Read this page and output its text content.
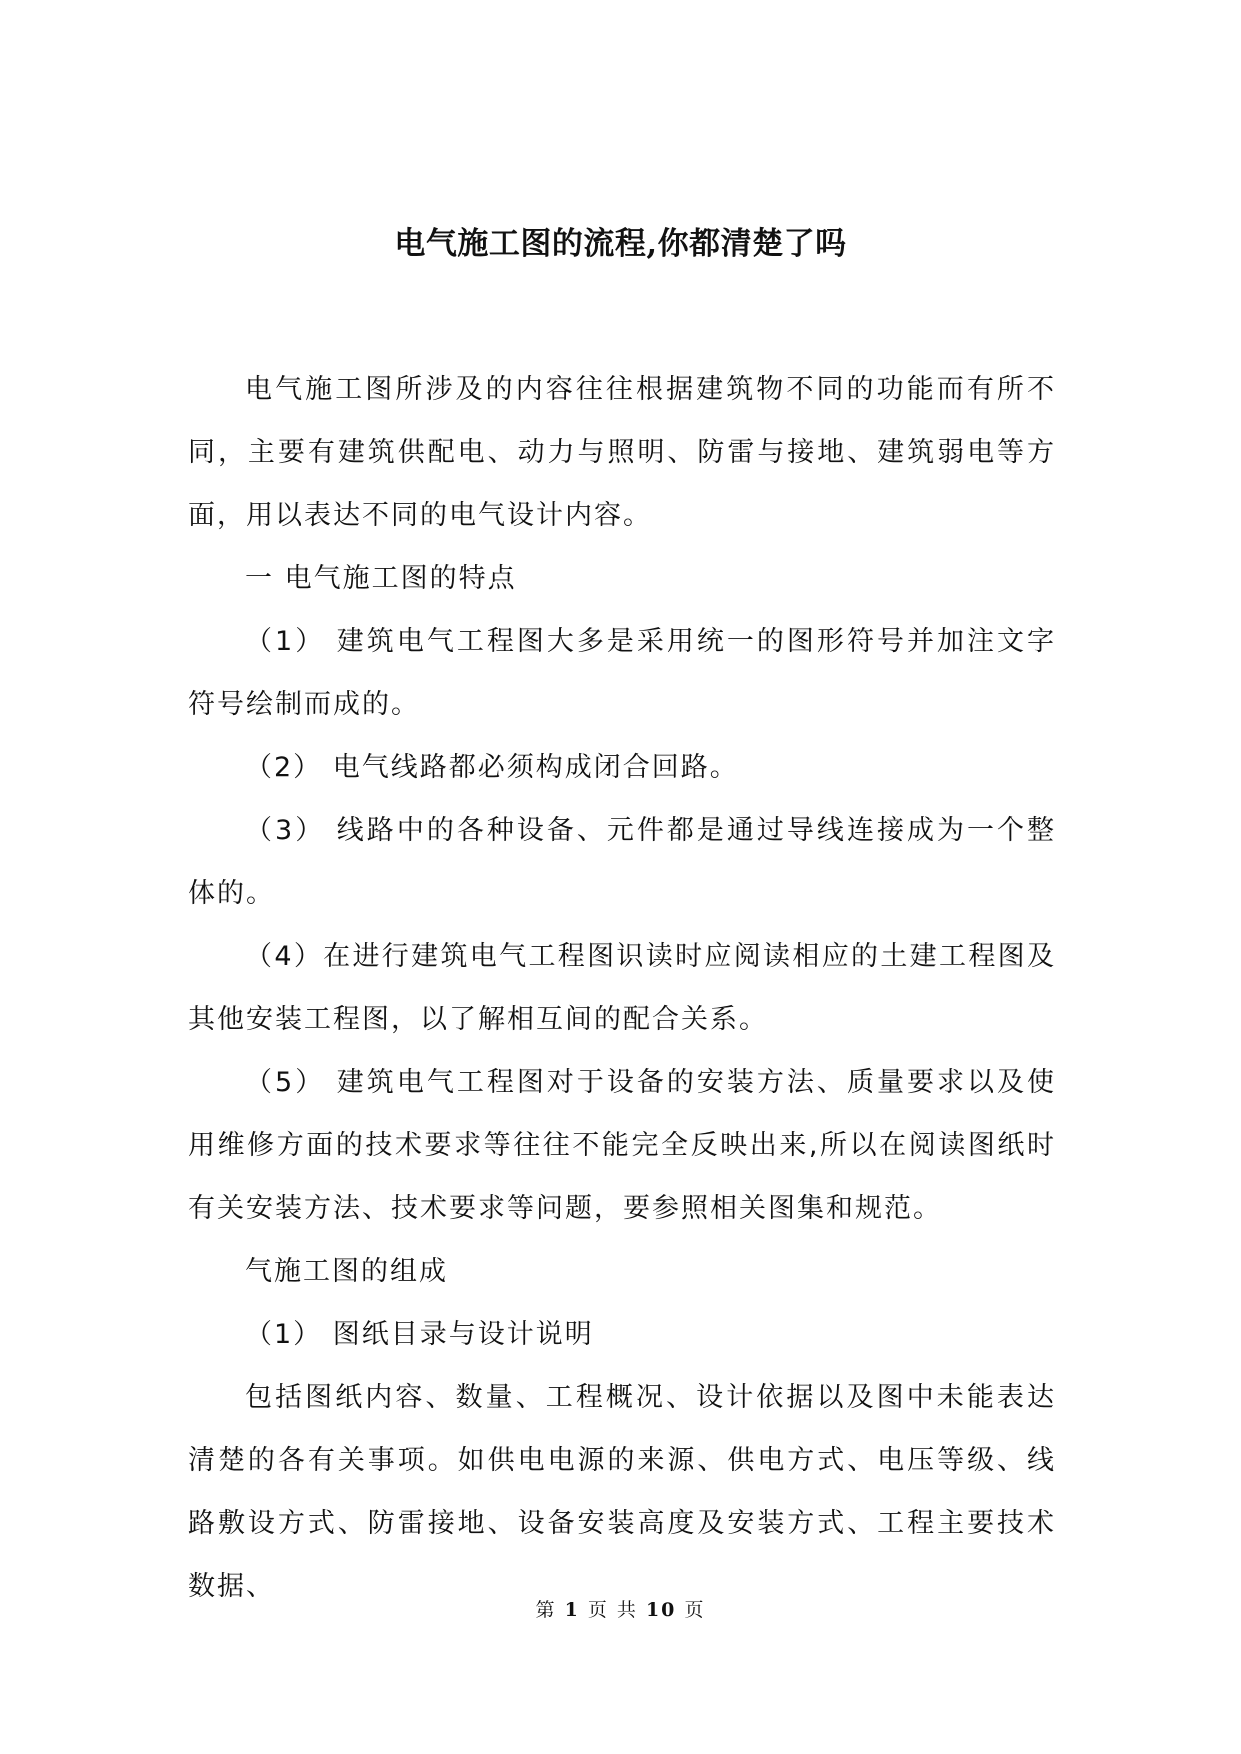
电气施工图的流程,你都清楚了吗

电气施工图所涉及的内容往往根据建筑物不同的功能而有所不同，主要有建筑供配电、动力与照明、防雷与接地、建筑弱电等方面，用以表达不同的电气设计内容。

一 电气施工图的特点

（1） 建筑电气工程图大多是采用统一的图形符号并加注文字符号绘制而成的。

（2） 电气线路都必须构成闭合回路。

（3） 线路中的各种设备、元件都是通过导线连接成为一个整体的。

（4）在进行建筑电气工程图识读时应阅读相应的土建工程图及其他安装工程图，以了解相互间的配合关系。

（5） 建筑电气工程图对于设备的安装方法、质量要求以及使用维修方面的技术要求等往往不能完全反映出来,所以在阅读图纸时有关安装方法、技术要求等问题，要参照相关图集和规范。

气施工图的组成

（1） 图纸目录与设计说明

包括图纸内容、数量、工程概况、设计依据以及图中未能表达清楚的各有关事项。如供电电源的来源、供电方式、电压等级、线路敷设方式、防雷接地、设备安装高度及安装方式、工程主要技术数据、

第 1 页 共 10 页
